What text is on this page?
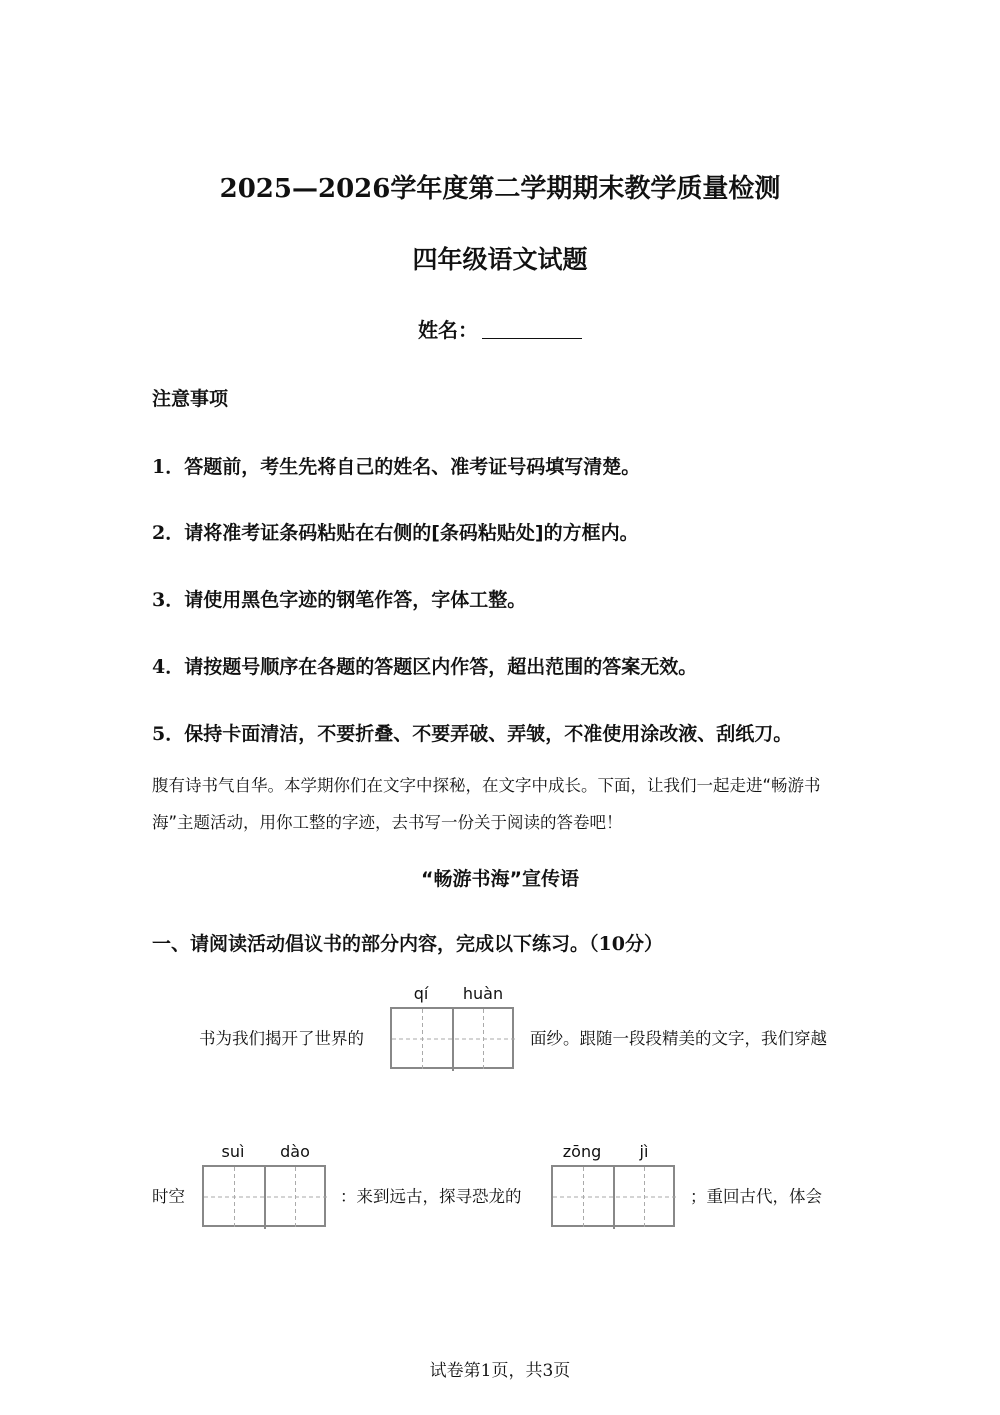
2025—2026学年度第二学期期末教学质量检测
四年级语文试题
姓名：
注意事项
1．答题前，考生先将自己的姓名、准考证号码填写清楚。
2．请将准考证条码粘贴在右侧的[条码粘贴处]的方框内。
3．请使用黑色字迹的钢笔作答，字体工整。
4．请按题号顺序在各题的答题区内作答，超出范围的答案无效。
5．保持卡面清洁，不要折叠、不要弄破、弄皱，不准使用涂改液、刮纸刀。
腹有诗书气自华。本学期你们在文字中探秘，在文字中成长。下面，让我们一起走进“畅游书海”主题活动，用你工整的字迹，去书写一份关于阅读的答卷吧！
“畅游书海”宣传语
一、请阅读活动倡议书的部分内容，完成以下练习。（10分）
书为我们揭开了世界的
qí	huàn
面纱。跟随一段段精美的文字，我们穿越
时空
suì	dào
：来到远古，探寻恐龙的
zōng	jì
；重回古代，体会
试卷第1页，共3页
